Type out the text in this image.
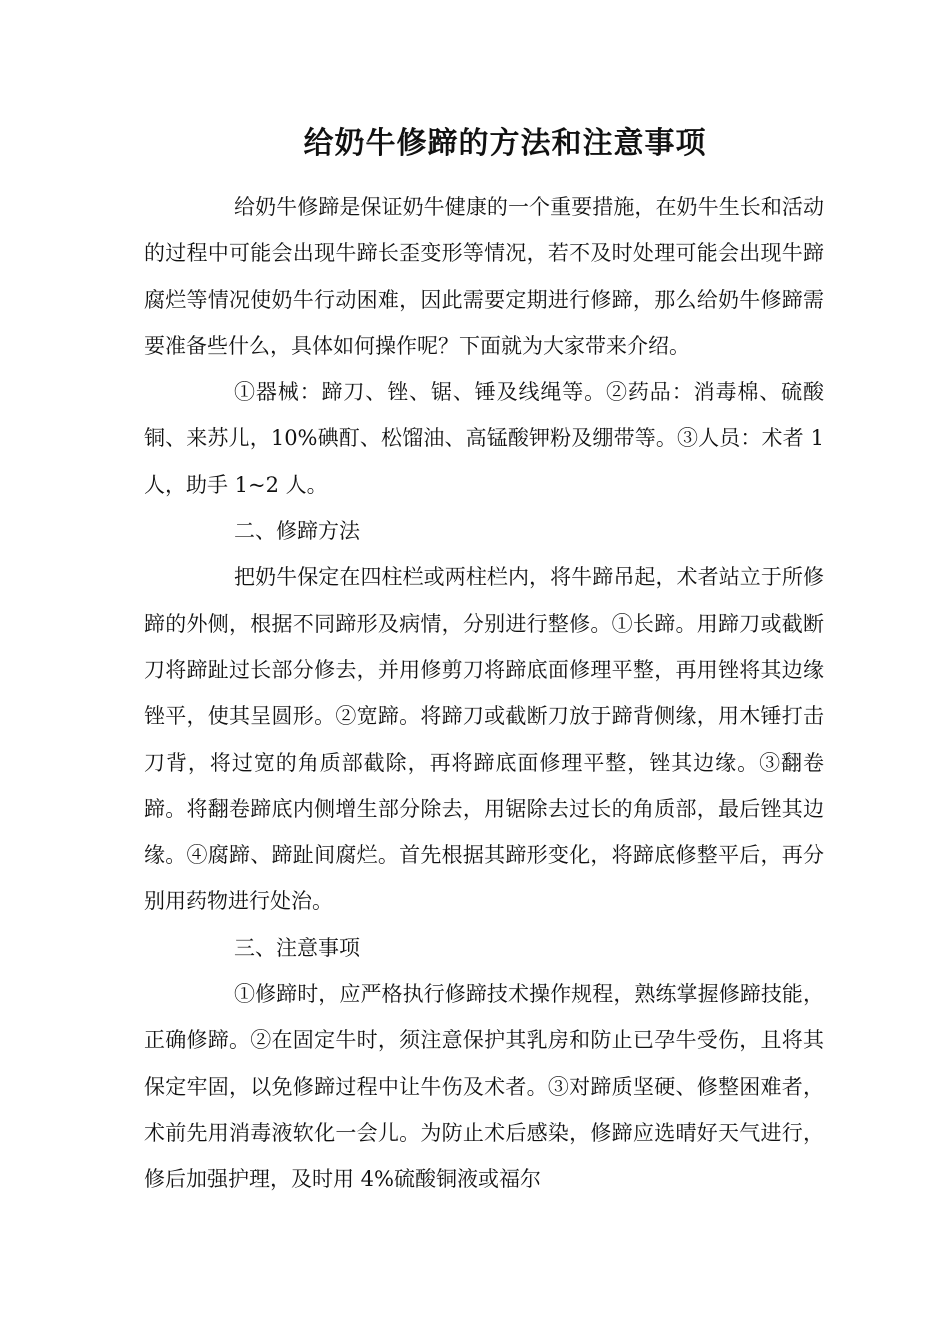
给奶牛修蹄的方法和注意事项

给奶牛修蹄是保证奶牛健康的一个重要措施，在奶牛生长和活动的过程中可能会出现牛蹄长歪变形等情况，若不及时处理可能会出现牛蹄腐烂等情况使奶牛行动困难，因此需要定期进行修蹄，那么给奶牛修蹄需要准备些什么，具体如何操作呢？下面就为大家带来介绍。

①器械：蹄刀、锉、锯、锤及线绳等。②药品：消毒棉、硫酸铜、来苏儿，10%碘酊、松馏油、高锰酸钾粉及绷带等。③人员：术者 1 人，助手 1~2 人。

二、修蹄方法

把奶牛保定在四柱栏或两柱栏内，将牛蹄吊起，术者站立于所修蹄的外侧，根据不同蹄形及病情，分别进行整修。①长蹄。用蹄刀或截断刀将蹄趾过长部分修去，并用修剪刀将蹄底面修理平整，再用锉将其边缘锉平，使其呈圆形。②宽蹄。将蹄刀或截断刀放于蹄背侧缘，用木锤打击刀背，将过宽的角质部截除，再将蹄底面修理平整，锉其边缘。③翻卷蹄。将翻卷蹄底内侧增生部分除去，用锯除去过长的角质部，最后锉其边缘。④腐蹄、蹄趾间腐烂。首先根据其蹄形变化，将蹄底修整平后，再分别用药物进行处治。

三、注意事项

①修蹄时，应严格执行修蹄技术操作规程，熟练掌握修蹄技能，正确修蹄。②在固定牛时，须注意保护其乳房和防止已孕牛受伤，且将其保定牢固，以免修蹄过程中让牛伤及术者。③对蹄质坚硬、修整困难者，术前先用消毒液软化一会儿。为防止术后感染，修蹄应选晴好天气进行，修后加强护理，及时用 4%硫酸铜液或福尔
